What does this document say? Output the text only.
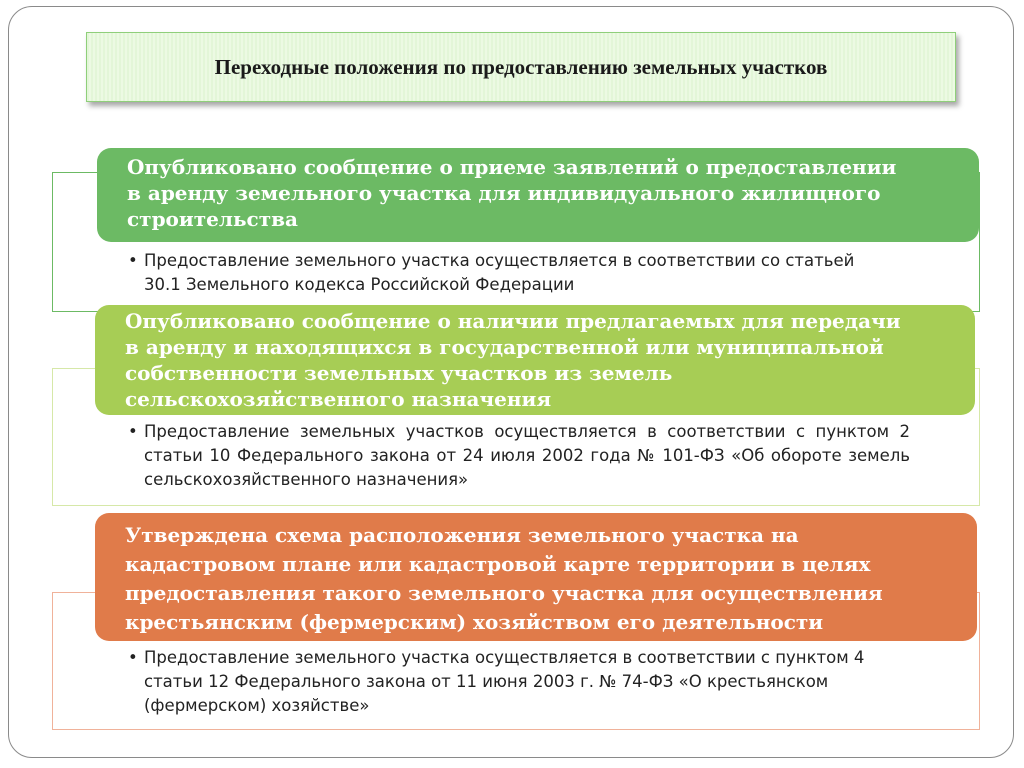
Переходные положения по предоставлению земельных участков
Опубликовано сообщение о приеме заявлений о предоставлении
в аренду земельного участка для индивидуального жилищного
строительства
• Предоставление земельного участка осуществляется в соответствии со статьей 30.1 Земельного кодекса Российской Федерации
Опубликовано сообщение о наличии предлагаемых для передачи
в аренду и находящихся в государственной или муниципальной
собственности земельных участков из земель
сельскохозяйственного назначения
• Предоставление земельных участков осуществляется в соответствии с пунктом 2 статьи 10 Федерального закона от 24 июля 2002 года № 101-ФЗ «Об обороте земель сельскохозяйственного назначения»
Утверждена схема расположения земельного участка на
кадастровом плане или кадастровой карте территории в целях
предоставления такого земельного участка для осуществления
крестьянским (фермерским) хозяйством его деятельности
• Предоставление земельного участка осуществляется в соответствии с пунктом 4 статьи 12 Федерального закона от 11 июня 2003 г. № 74-ФЗ «О крестьянском (фермерском) хозяйстве»
